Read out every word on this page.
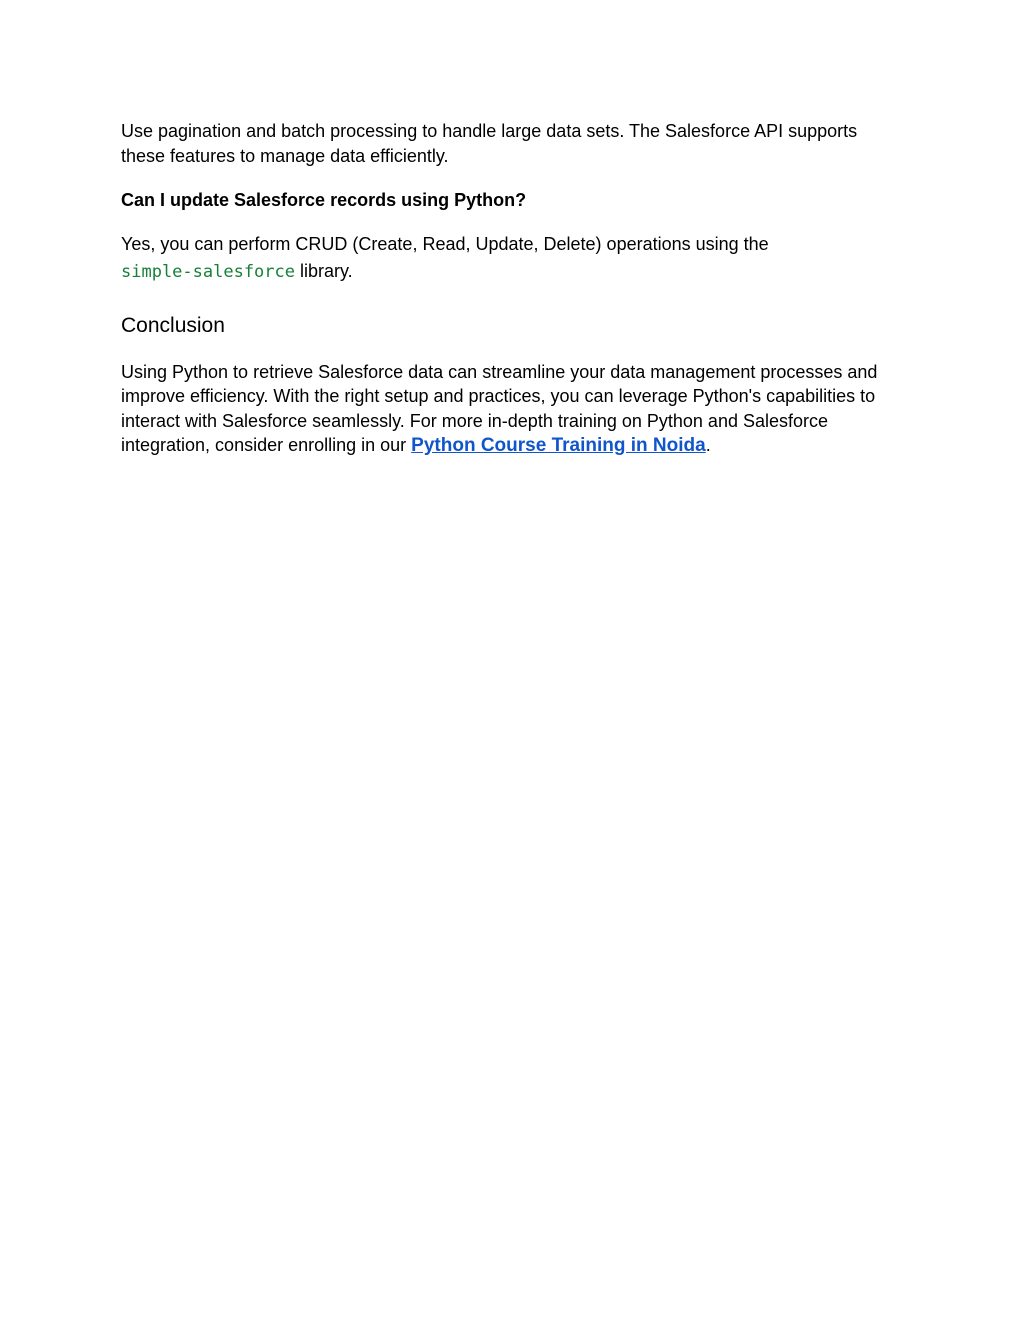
Use pagination and batch processing to handle large data sets. The Salesforce API supports
these features to manage data efficiently.

Can I update Salesforce records using Python?

Yes, you can perform CRUD (Create, Read, Update, Delete) operations using the
simple-salesforce library.

Conclusion

Using Python to retrieve Salesforce data can streamline your data management processes and
improve efficiency. With the right setup and practices, you can leverage Python's capabilities to
interact with Salesforce seamlessly. For more in-depth training on Python and Salesforce
integration, consider enrolling in our Python Course Training in Noida.
